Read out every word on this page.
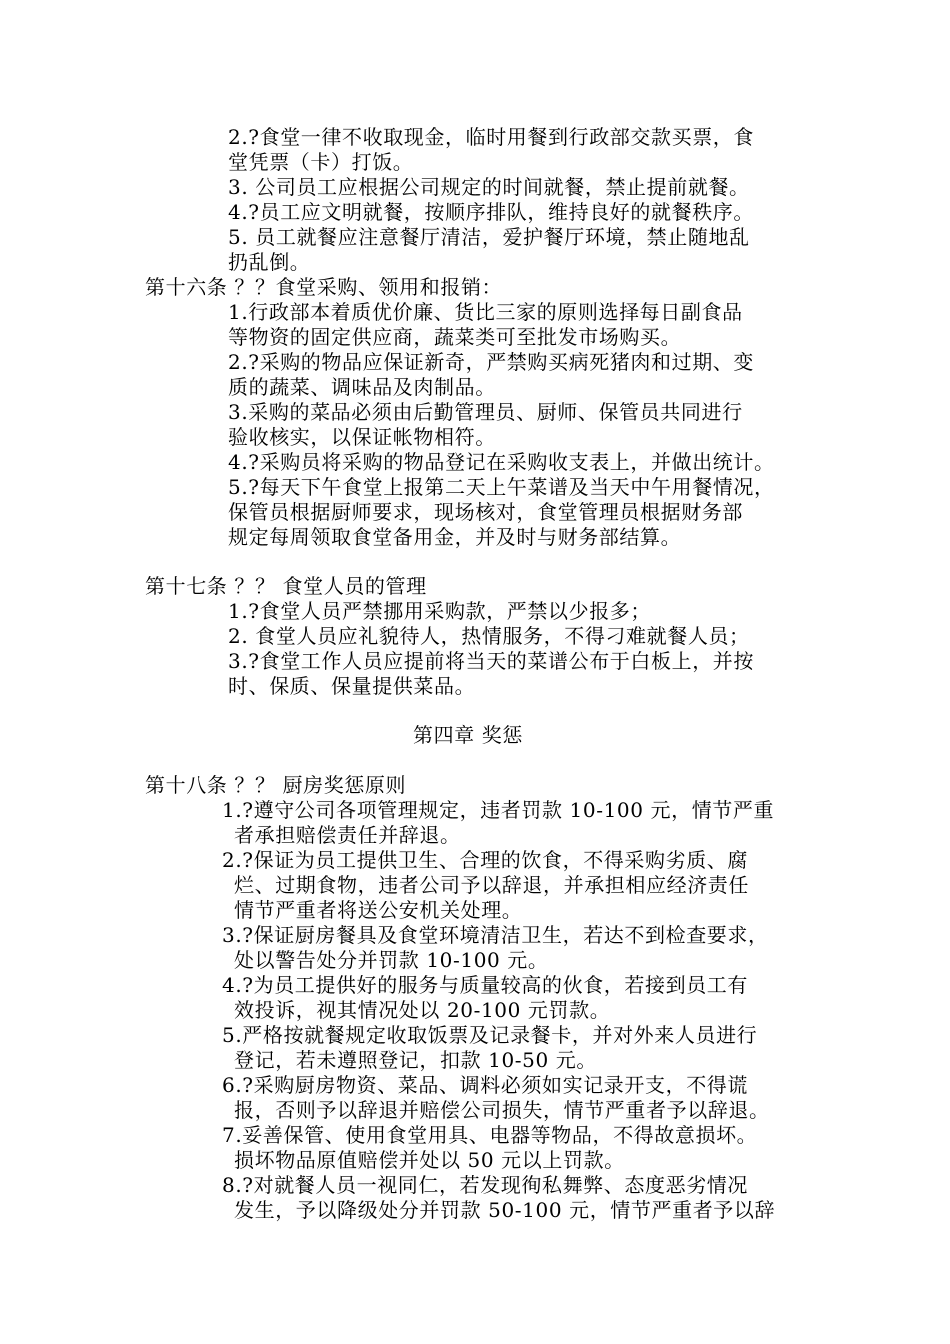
2.?食堂一律不收取现金，临时用餐到行政部交款买票，食
堂凭票（卡）打饭。
3. 公司员工应根据公司规定的时间就餐，禁止提前就餐。
4.?员工应文明就餐，按顺序排队，维持良好的就餐秩序。
5. 员工就餐应注意餐厅清洁，爱护餐厅环境，禁止随地乱
扔乱倒。
第十六条 ？？食堂采购、领用和报销：
1.行政部本着质优价廉、货比三家的原则选择每日副食品
等物资的固定供应商，蔬菜类可至批发市场购买。
2.?采购的物品应保证新奇，严禁购买病死猪肉和过期、变
质的蔬菜、调味品及肉制品。
3.采购的菜品必须由后勤管理员、厨师、保管员共同进行
验收核实，以保证帐物相符。
4.?采购员将采购的物品登记在采购收支表上，并做出统计。
5.?每天下午食堂上报第二天上午菜谱及当天中午用餐情况，
保管员根据厨师要求，现场核对，食堂管理员根据财务部
规定每周领取食堂备用金，并及时与财务部结算。
第十七条 ？？ 食堂人员的管理
1.?食堂人员严禁挪用采购款，严禁以少报多；
2. 食堂人员应礼貌待人，热情服务，不得刁难就餐人员；
3.?食堂工作人员应提前将当天的菜谱公布于白板上，并按
时、保质、保量提供菜品。
第四章 奖惩
第十八条 ？？ 厨房奖惩原则
1.?遵守公司各项管理规定，违者罚款 10-100 元，情节严重
者承担赔偿责任并辞退。
2.?保证为员工提供卫生、合理的饮食，不得采购劣质、腐
烂、过期食物，违者公司予以辞退，并承担相应经济责任
情节严重者将送公安机关处理。
3.?保证厨房餐具及食堂环境清洁卫生，若达不到检查要求，
处以警告处分并罚款 10-100 元。
4.?为员工提供好的服务与质量较高的伙食，若接到员工有
效投诉，视其情况处以 20-100 元罚款。
5.严格按就餐规定收取饭票及记录餐卡，并对外来人员进行
登记，若未遵照登记，扣款 10-50 元。
6.?采购厨房物资、菜品、调料必须如实记录开支，不得谎
报，否则予以辞退并赔偿公司损失，情节严重者予以辞退。
7.妥善保管、使用食堂用具、电器等物品，不得故意损坏。
损坏物品原值赔偿并处以 50 元以上罚款。
8.?对就餐人员一视同仁，若发现徇私舞弊、态度恶劣情况
发生，予以降级处分并罚款 50-100 元，情节严重者予以辞
